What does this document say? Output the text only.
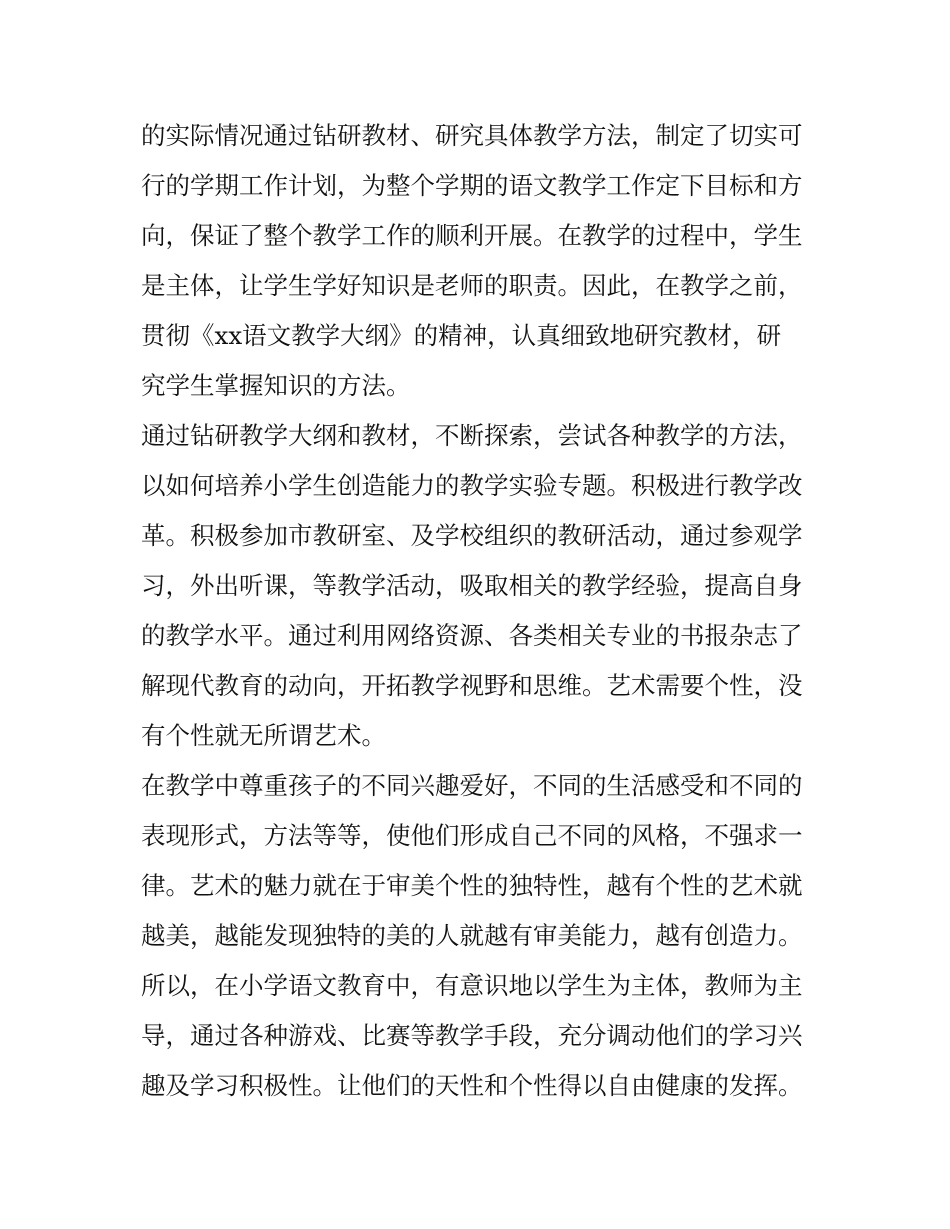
的实际情况通过钻研教材、研究具体教学方法，制定了切实可
行的学期工作计划，为整个学期的语文教学工作定下目标和方
向，保证了整个教学工作的顺利开展。在教学的过程中，学生
是主体，让学生学好知识是老师的职责。因此，在教学之前，
贯彻《xx语文教学大纲》的精神，认真细致地研究教材，研
究学生掌握知识的方法。
通过钻研教学大纲和教材，不断探索，尝试各种教学的方法，
以如何培养小学生创造能力的教学实验专题。积极进行教学改
革。积极参加市教研室、及学校组织的教研活动，通过参观学
习，外出听课，等教学活动，吸取相关的教学经验，提高自身
的教学水平。通过利用网络资源、各类相关专业的书报杂志了
解现代教育的动向，开拓教学视野和思维。艺术需要个性，没
有个性就无所谓艺术。
在教学中尊重孩子的不同兴趣爱好，不同的生活感受和不同的
表现形式，方法等等，使他们形成自己不同的风格，不强求一
律。艺术的魅力就在于审美个性的独特性，越有个性的艺术就
越美，越能发现独特的美的人就越有审美能力，越有创造力。
所以，在小学语文教育中，有意识地以学生为主体，教师为主
导，通过各种游戏、比赛等教学手段，充分调动他们的学习兴
趣及学习积极性。让他们的天性和个性得以自由健康的发挥。
